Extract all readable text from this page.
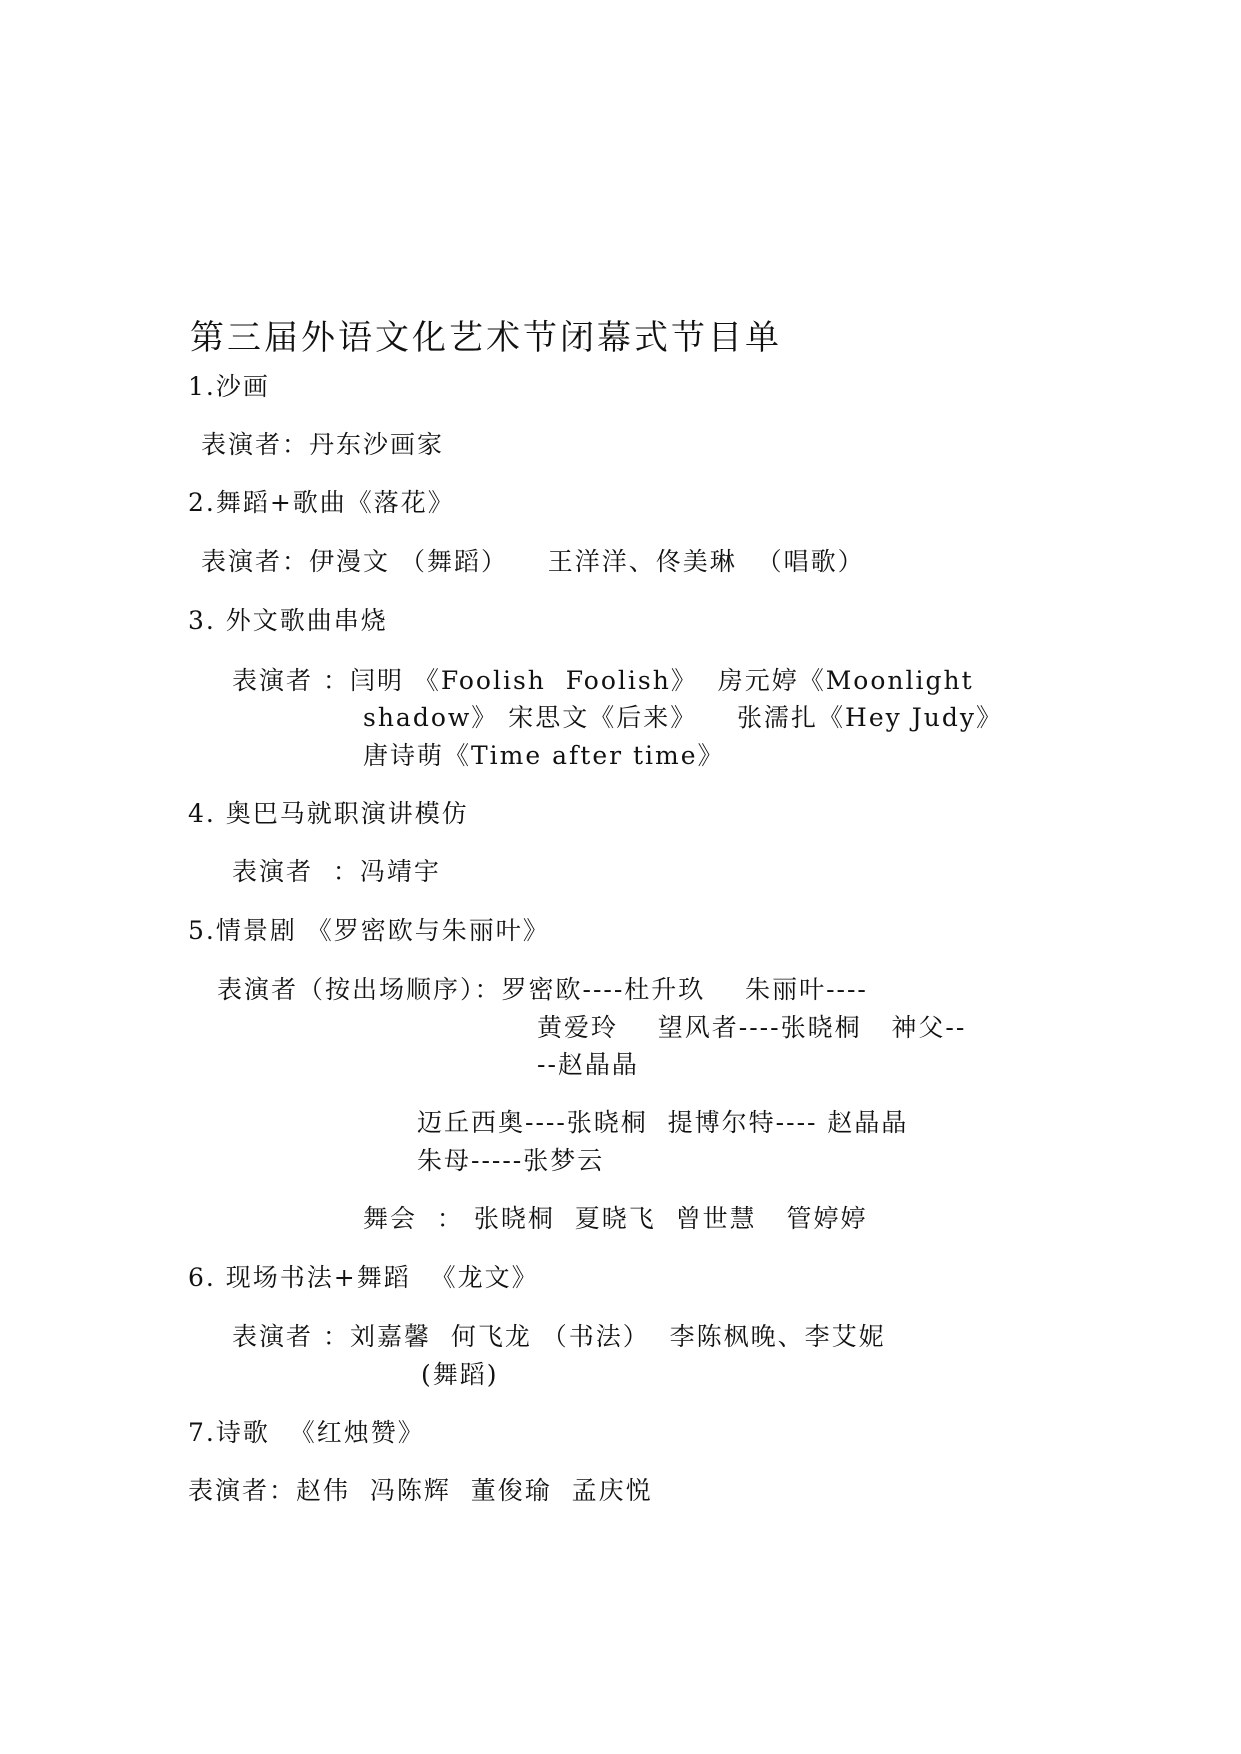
第三届外语文化艺术节闭幕式节目单
1.沙画
表演者：丹东沙画家
2.舞蹈+歌曲《落花》
表演者：伊漫文 （舞蹈）    王洋洋、佟美琳  （唱歌）
3. 外文歌曲串烧
表演者 ：闫明 《Foolish  Foolish》  房元婷《Moonlight
shadow》 宋思文《后来》    张濡扎《Hey Judy》
唐诗萌《Time after time》
4. 奥巴马就职演讲模仿
表演者  ：冯靖宇
5.情景剧 《罗密欧与朱丽叶》
表演者（按出场顺序）：罗密欧----杜升玖    朱丽叶----
黄爱玲    望风者----张晓桐   神父--
--赵晶晶
迈丘西奥----张晓桐  提博尔特---- 赵晶晶
朱母-----张梦云
舞会  ： 张晓桐  夏晓飞  曾世慧   管婷婷
6. 现场书法+舞蹈  《龙文》
表演者 ：刘嘉馨  何飞龙 （书法）  李陈枫晚、李艾妮
(舞蹈)
7.诗歌  《红烛赞》
表演者：赵伟  冯陈辉  董俊瑜  孟庆悦
